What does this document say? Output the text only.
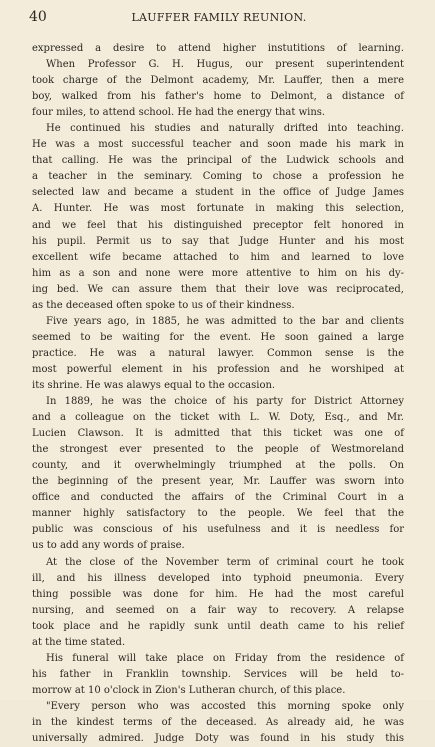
40	LAUFFER FAMILY REUNION.
expressed a desire to attend higher instutitions of learning.
When Professor G. H. Hugus, our present superintendent
took charge of the Delmont academy, Mr. Lauffer, then a mere
boy, walked from his father's home to Delmont, a distance of
four miles, to attend school. He had the energy that wins.
He continued his studies and naturally drifted into teaching.
He was a most successful teacher and soon made his mark in
that calling. He was the principal of the Ludwick schools and
a teacher in the seminary. Coming to chose a profession he
selected law and became a student in the office of Judge James
A. Hunter. He was most fortunate in making this selection,
and we feel that his distinguished preceptor felt honored in
his pupil. Permit us to say that Judge Hunter and his most
excellent wife became attached to him and learned to love
him as a son and none were more attentive to him on his dy-
ing bed. We can assure them that their love was reciprocated,
as the deceased often spoke to us of their kindness.
Five years ago, in 1885, he was admitted to the bar and clients
seemed to be waiting for the event. He soon gained a large
practice. He was a natural lawyer. Common sense is the
most powerful element in his profession and he worshiped at
its shrine. He was alawys equal to the occasion.
In 1889, he was the choice of his party for District Attorney
and a colleague on the ticket with L. W. Doty, Esq., and Mr.
Lucien Clawson. It is admitted that this ticket was one of
the strongest ever presented to the people of Westmoreland
county, and it overwhelmingly triumphed at the polls. On
the beginning of the present year, Mr. Lauffer was sworn into
office and conducted the affairs of the Criminal Court in a
manner highly satisfactory to the people. We feel that the
public was conscious of his usefulness and it is needless for
us to add any words of praise.
At the close of the November term of criminal court he took
ill, and his illness developed into typhoid pneumonia. Every
thing possible was done for him. He had the most careful
nursing, and seemed on a fair way to recovery. A relapse
took place and he rapidly sunk until death came to his relief
at the time stated.
His funeral will take place on Friday from the residence of
his father in Franklin township. Services will be held to-
morrow at 10 o'clock in Zion's Lutheran church, of this place.
"Every person who was accosted this morning spoke only
in the kindest terms of the deceased. As already aid, he was
universally admired. Judge Doty was found in his study this
